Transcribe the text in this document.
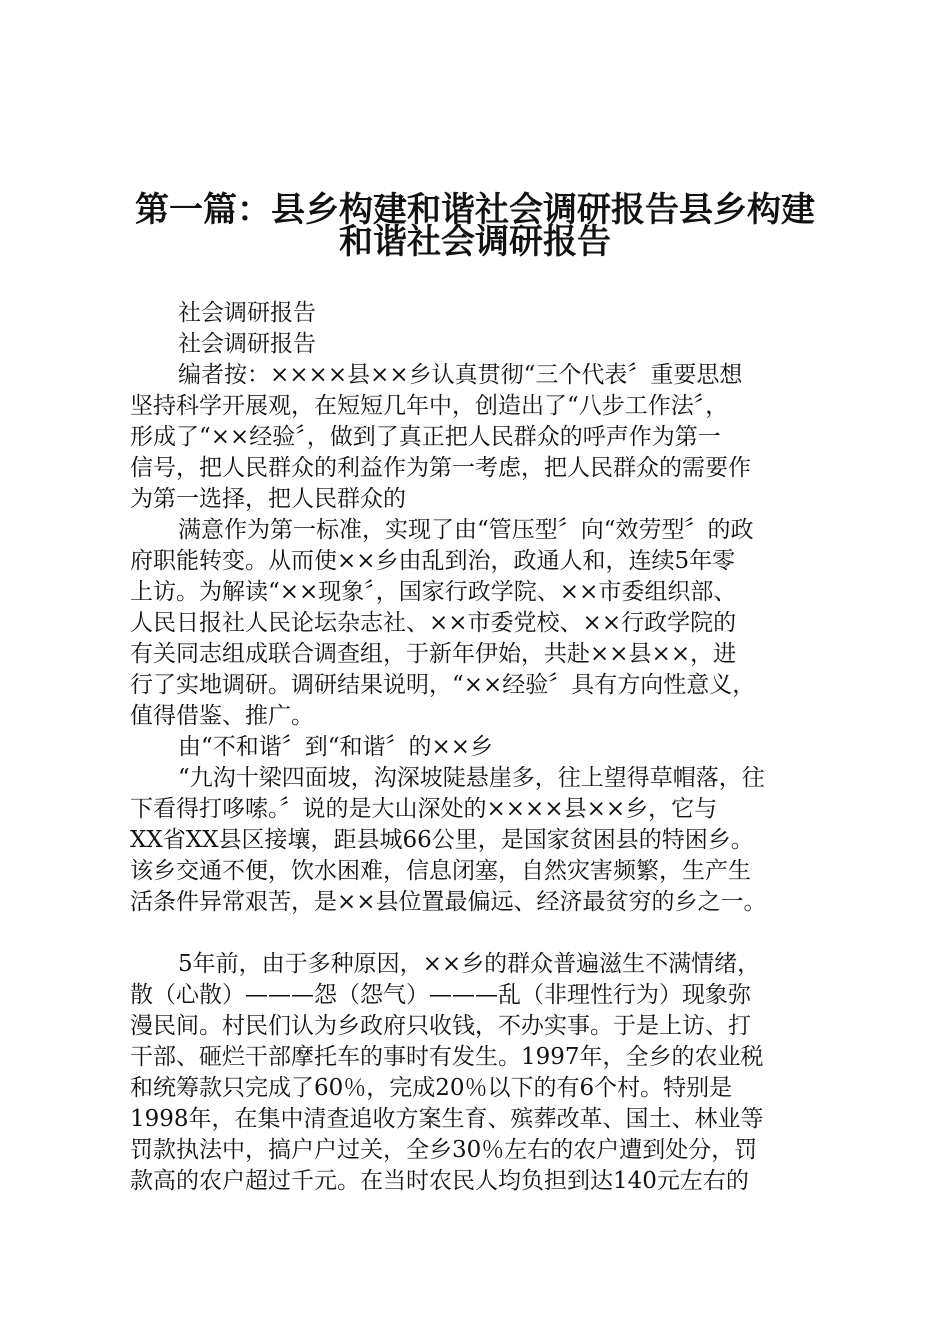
第一篇：县乡构建和谐社会调研报告县乡构建
和谐社会调研报告
社会调研报告
社会调研报告
编者按：××××县××乡认真贯彻“三个代表〞重要思想
坚持科学开展观，在短短几年中，创造出了“八步工作法〞，
形成了“××经验〞，做到了真正把人民群众的呼声作为第一
信号，把人民群众的利益作为第一考虑，把人民群众的需要作
为第一选择，把人民群众的
满意作为第一标准，实现了由“管压型〞向“效劳型〞的政
府职能转变。从而使××乡由乱到治，政通人和，连续5年零
上访。为解读“××现象〞，国家行政学院、××市委组织部、
人民日报社人民论坛杂志社、××市委党校、××行政学院的
有关同志组成联合调查组，于新年伊始，共赴××县××，进
行了实地调研。调研结果说明，“××经验〞具有方向性意义，
值得借鉴、推广。
由“不和谐〞到“和谐〞的××乡
“九沟十梁四面坡，沟深坡陡悬崖多，往上望得草帽落，往
下看得打哆嗦。〞说的是大山深处的××××县××乡，它与
XX省XX县区接壤，距县城66公里，是国家贫困县的特困乡。
该乡交通不便，饮水困难，信息闭塞，自然灾害频繁，生产生
活条件异常艰苦，是××县位置最偏远、经济最贫穷的乡之一。
5年前，由于多种原因，××乡的群众普遍滋生不满情绪，
散（心散）———怨（怨气）———乱（非理性行为）现象弥
漫民间。村民们认为乡政府只收钱，不办实事。于是上访、打
干部、砸烂干部摩托车的事时有发生。1997年，全乡的农业税
和统筹款只完成了60％，完成20％以下的有6个村。特别是
1998年，在集中清查追收方案生育、殡葬改革、国土、林业等
罚款执法中，搞户户过关，全乡30％左右的农户遭到处分，罚
款高的农户超过千元。在当时农民人均负担到达140元左右的
